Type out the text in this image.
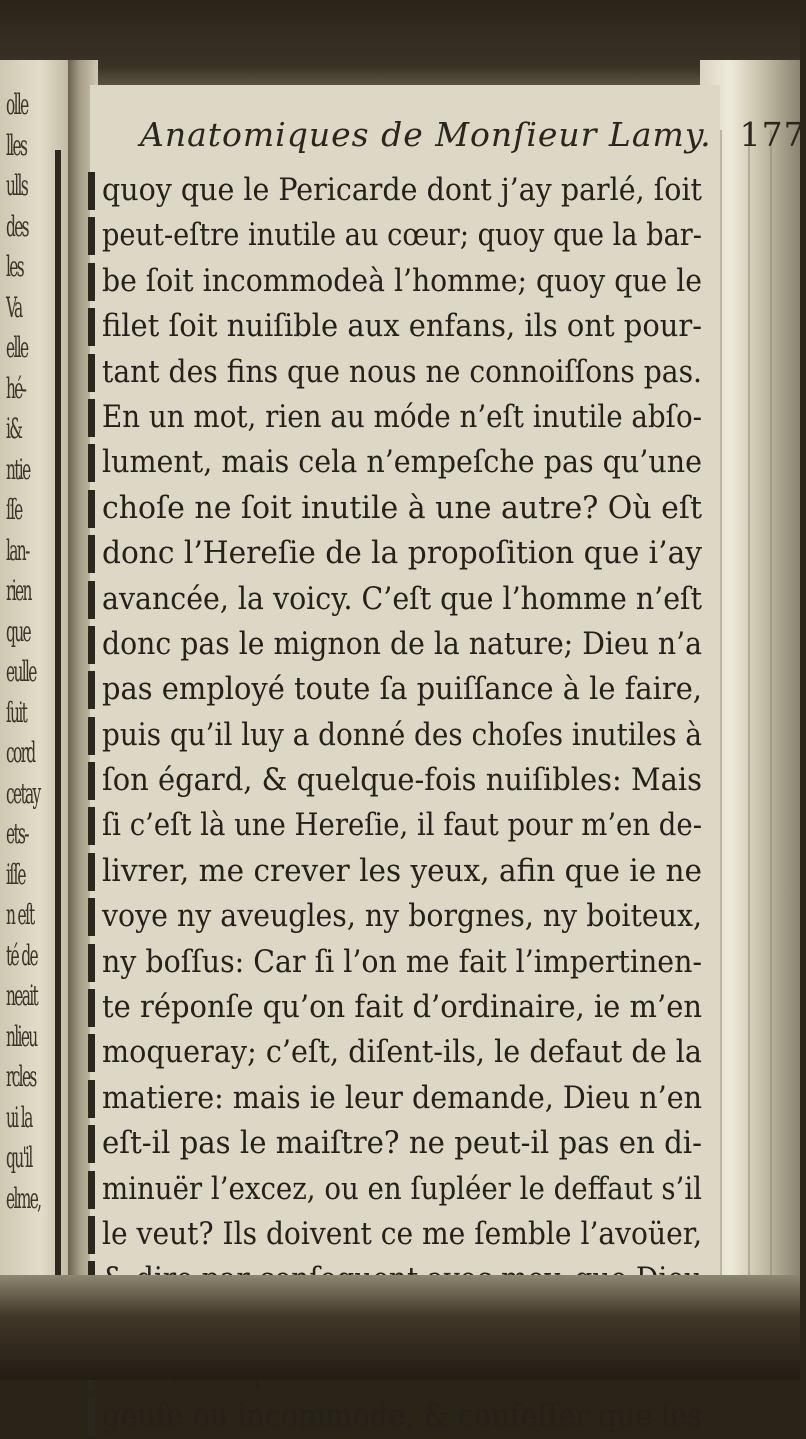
olle
lles
ulls
des
les
Va
elle
hé-
i&
ntie
ſſe
lan-
rien
que
eulle
ſuit
cord
cetay
ets-
iſſe
n eſt
té de
neait
nlieu
rcles
ui la
qu'il
elme,
Anatomiques de Monſieur Lamy. 177
quoy que le Pericarde dont j’ay parlé, ſoit
peut-eſtre inutile au cœur; quoy que la bar-
be ſoit incommodeà l’homme; quoy que le
filet ſoit nuiſible aux enfans, ils ont pour-
tant des fins que nous ne connoiſſons pas.
En un mot, rien au móde n’eſt inutile abſo-
lument, mais cela n’empeſche pas qu’une
choſe ne ſoit inutile à une autre? Où eſt
donc l’Hereſie de la propoſition que i’ay
avancée, la voicy. C’eſt que l’homme n’eſt
donc pas le mignon de la nature; Dieu n’a
pas employé toute ſa puiſſance à le faire,
puis qu’il luy a donné des choſes inutiles à
ſon égard, & quelque-fois nuiſibles: Mais
ſi c’eſt là une Hereſie, il faut pour m’en de-
livrer, me crever les yeux, afin que ie ne
voye ny aveugles, ny borgnes, ny boiteux,
ny boſſus: Car ſi l’on me fait l’impertinen-
te réponſe qu’on fait d’ordinaire, ie m’en
moqueray; c’eſt, diſent-ils, le defaut de la
matiere: mais ie leur demande, Dieu n’en
eſt-il pas le maiſtre? ne peut-il pas en di-
minuër l’excez, ou en ſupléer le deffaut s’il
le veut? Ils doivent ce me ſemble l’avoüer,
geuſe ou incommode, & confeſſer que les
